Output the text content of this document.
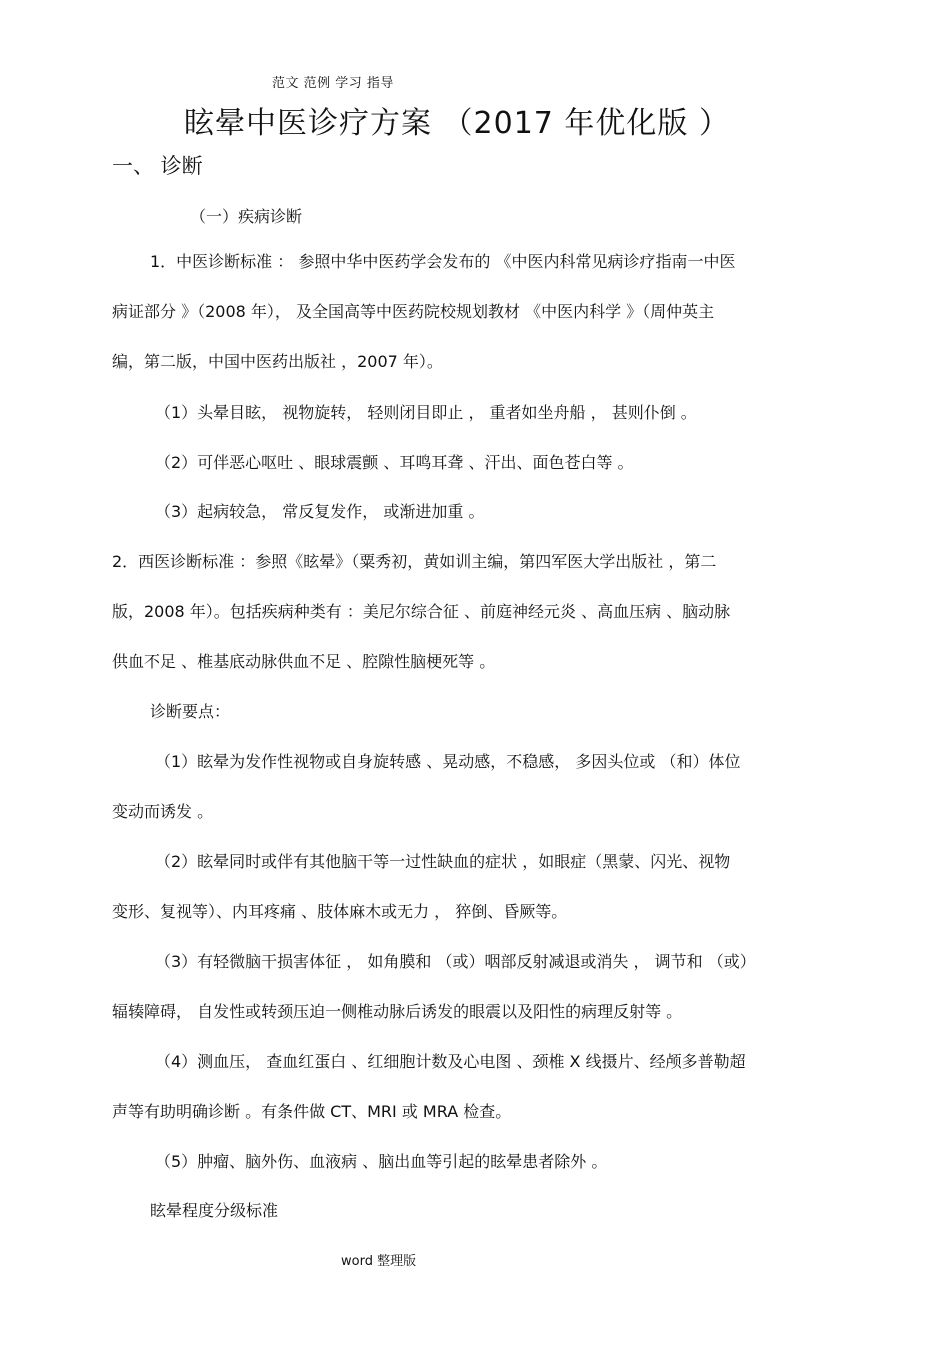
范文 范例 学习 指导
眩晕中医诊疗方案 （2017 年优化版 ）
一、 诊断
（一）疾病诊断

1．中医诊断标准 ： 参照中华中医药学会发布的 《中医内科常见病诊疗指南一中医

病证部分 》（2008 年）， 及全国高等中医药院校规划教材 《中医内科学 》（周仲英主

编，第二版，中国中医药出版社 ，2007 年）。

（1）头晕目眩， 视物旋转， 轻则闭目即止 ， 重者如坐舟船 ， 甚则仆倒 。

（2）可伴恶心呕吐 、眼球震颤 、耳鸣耳聋 、汗出、面色苍白等 。

（3）起病较急， 常反复发作， 或渐进加重 。

2．西医诊断标准 ：参照《眩晕》（粟秀初，黄如训主编，第四军医大学出版社 ，第二

版，2008 年）。包括疾病种类有 ：美尼尔综合征 、前庭神经元炎 、高血压病 、脑动脉

供血不足 、椎基底动脉供血不足 、腔隙性脑梗死等 。

诊断要点：

（1）眩晕为发作性视物或自身旋转感 、晃动感，不稳感， 多因头位或 （和）体位

变动而诱发 。

（2）眩晕同时或伴有其他脑干等一过性缺血的症状 ，如眼症（黑蒙、闪光、视物

变形、复视等）、内耳疼痛 、肢体麻木或无力 ， 猝倒、昏厥等。

（3）有轻微脑干损害体征 ， 如角膜和 （或）咽部反射减退或消失 ， 调节和 （或）

辐辏障碍， 自发性或转颈压迫一侧椎动脉后诱发的眼震以及阳性的病理反射等 。

（4）测血压， 查血红蛋白 、红细胞计数及心电图 、颈椎 X 线摄片、经颅多普勒超

声等有助明确诊断 。有条件做 CT、MRI 或 MRA 检查。

（5）肿瘤、脑外伤、血液病 、脑出血等引起的眩晕患者除外 。

眩晕程度分级标准

word 整理版
